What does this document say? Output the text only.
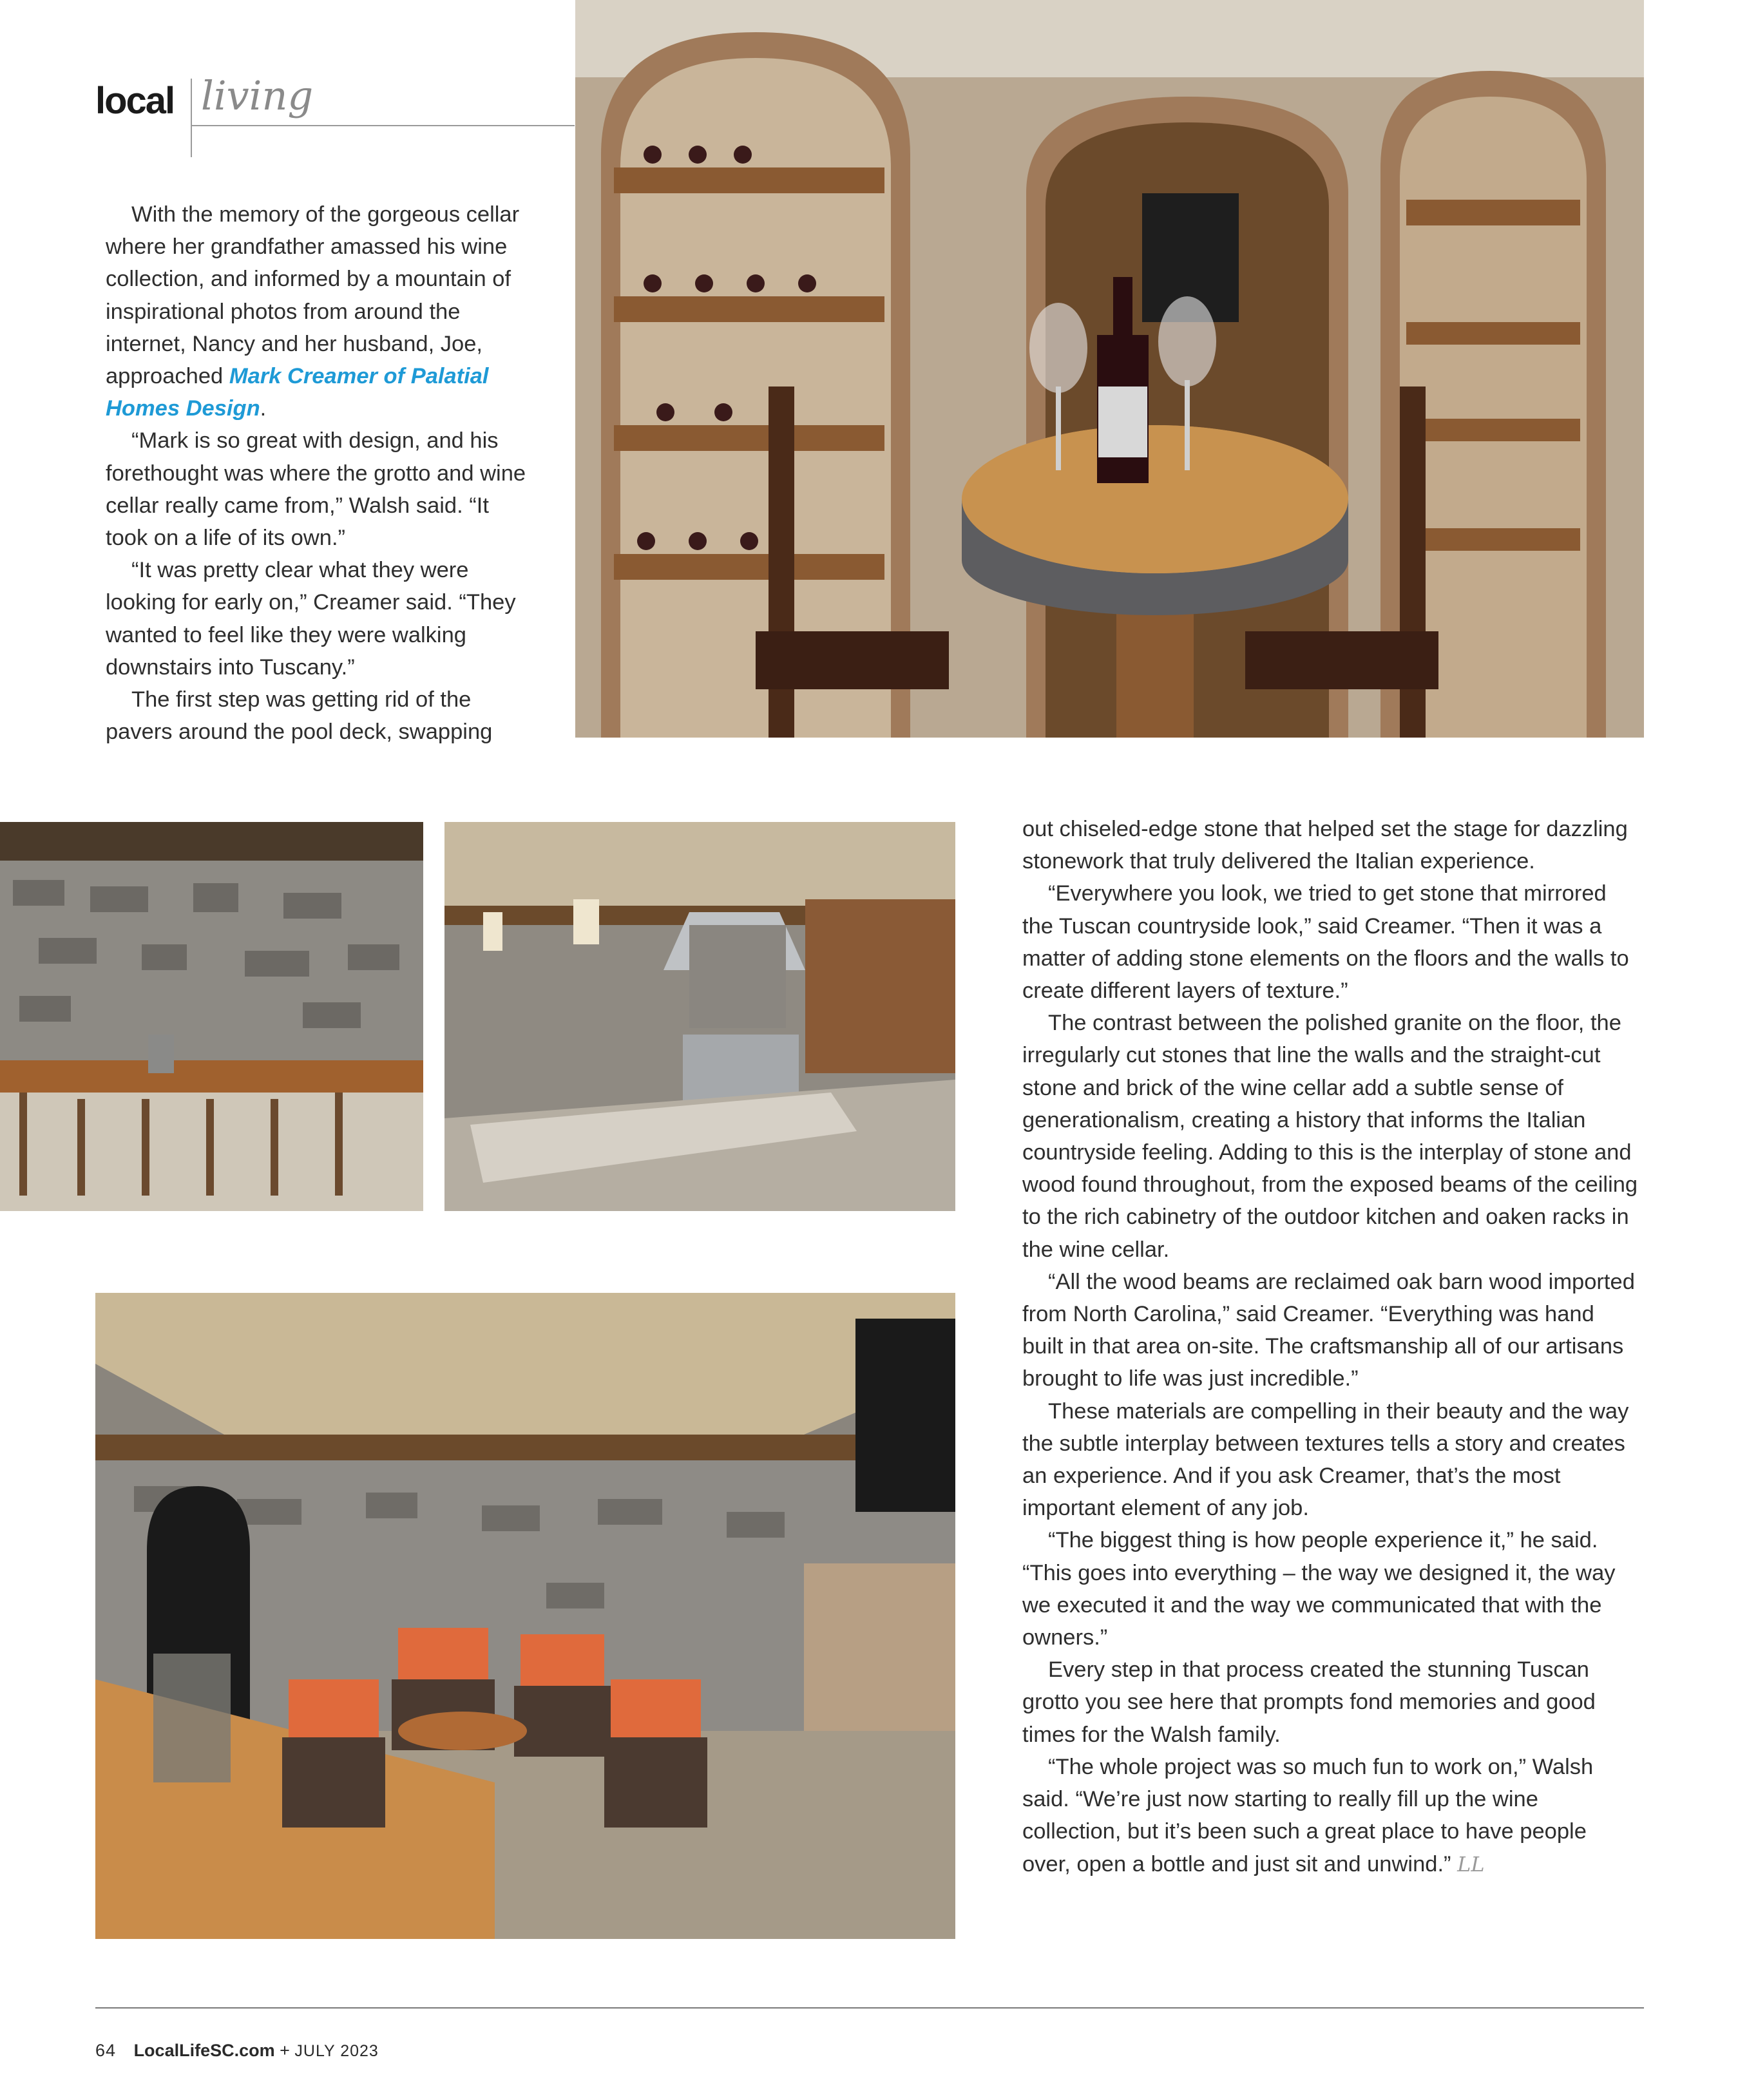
local living

With the memory of the gorgeous cellar where her grandfather amassed his wine collection, and informed by a mountain of inspirational photos from around the internet, Nancy and her husband, Joe, approached Mark Creamer of Palatial Homes Design.

“Mark is so great with design, and his forethought was where the grotto and wine cellar really came from,” Walsh said. “It took on a life of its own.”

“It was pretty clear what they were looking for early on,” Creamer said. “They wanted to feel like they were walking downstairs into Tuscany.”

The first step was getting rid of the pavers around the pool deck, swapping

out chiseled-edge stone that helped set the stage for dazzling stonework that truly delivered the Italian experience.

“Everywhere you look, we tried to get stone that mirrored the Tuscan countryside look,” said Creamer. “Then it was a matter of adding stone elements on the floors and the walls to create different layers of texture.”

The contrast between the polished granite on the floor, the irregularly cut stones that line the walls and the straight-cut stone and brick of the wine cellar add a subtle sense of generationalism, creating a history that informs the Italian countryside feeling. Adding to this is the interplay of stone and wood found throughout, from the exposed beams of the ceiling to the rich cabinetry of the outdoor kitchen and oaken racks in the wine cellar.

“All the wood beams are reclaimed oak barn wood imported from North Carolina,” said Creamer. “Everything was hand built in that area on-site. The craftsmanship all of our artisans brought to life was just incredible.”

These materials are compelling in their beauty and the way the subtle interplay between textures tells a story and creates an experience. And if you ask Creamer, that’s the most important element of any job.

“The biggest thing is how people experience it,” he said. “This goes into everything – the way we designed it, the way we executed it and the way we communicated that with the owners.”

Every step in that process created the stunning Tuscan grotto you see here that prompts fond memories and good times for the Walsh family.

“The whole project was so much fun to work on,” Walsh said. “We’re just now starting to really fill up the wine collection, but it’s been such a great place to have people over, open a bottle and just sit and unwind.” LL

64 LocalLifeSC.com + JULY 2023
